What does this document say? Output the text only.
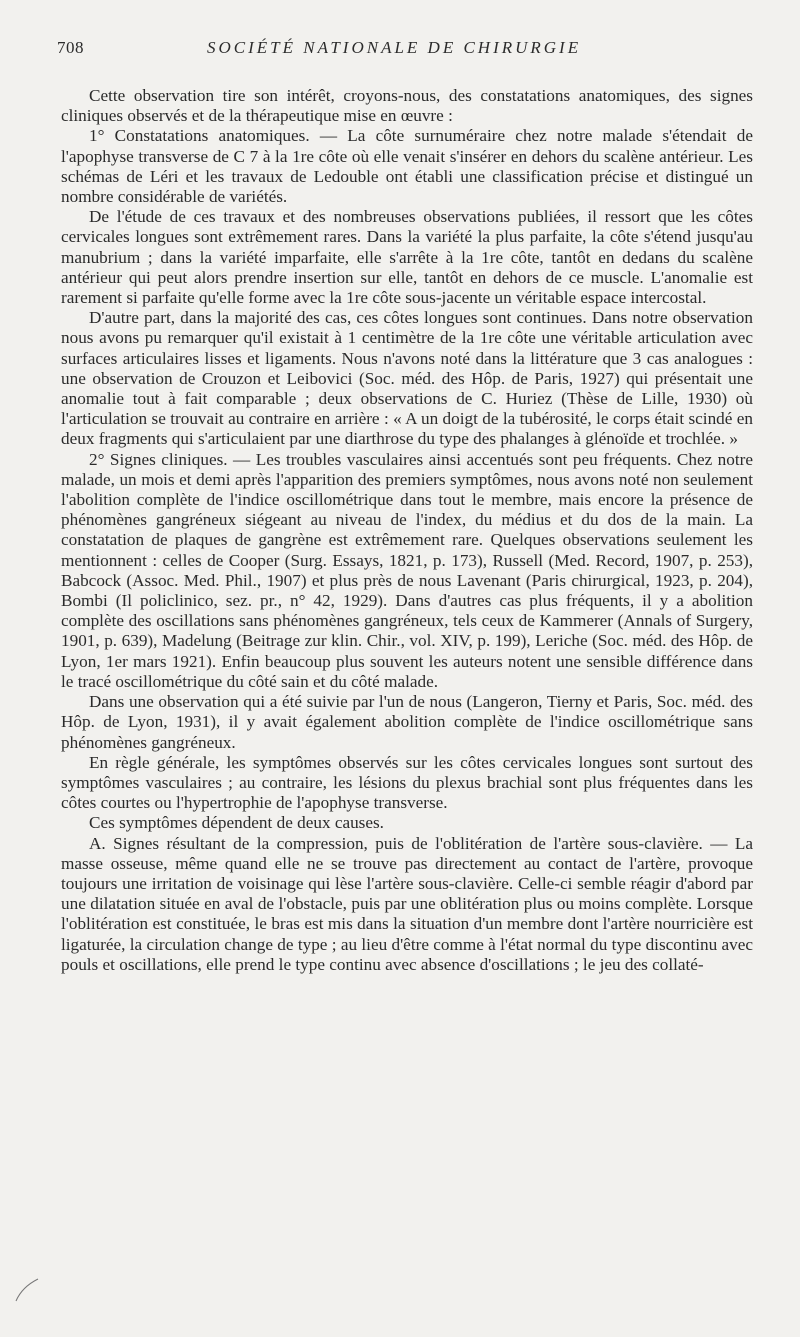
708	SOCIÉTÉ NATIONALE DE CHIRURGIE

Cette observation tire son intérêt, croyons-nous, des constatations anatomiques, des signes cliniques observés et de la thérapeutique mise en œuvre :

1° Constatations anatomiques. — La côte surnuméraire chez notre malade s'étendait de l'apophyse transverse de C 7 à la 1re côte où elle venait s'insérer en dehors du scalène antérieur. Les schémas de Léri et les travaux de Ledouble ont établi une classification précise et distingué un nombre considérable de variétés.

De l'étude de ces travaux et des nombreuses observations publiées, il ressort que les côtes cervicales longues sont extrêmement rares. Dans la variété la plus parfaite, la côte s'étend jusqu'au manubrium ; dans la variété imparfaite, elle s'arrête à la 1re côte, tantôt en dedans du scalène antérieur qui peut alors prendre insertion sur elle, tantôt en dehors de ce muscle. L'anomalie est rarement si parfaite qu'elle forme avec la 1re côte sous-jacente un véritable espace intercostal.

D'autre part, dans la majorité des cas, ces côtes longues sont continues. Dans notre observation nous avons pu remarquer qu'il existait à 1 centimètre de la 1re côte une véritable articulation avec surfaces articulaires lisses et ligaments. Nous n'avons noté dans la littérature que 3 cas analogues : une observation de Crouzon et Leibovici (Soc. méd. des Hôp. de Paris, 1927) qui présentait une anomalie tout à fait comparable ; deux observations de C. Huriez (Thèse de Lille, 1930) où l'articulation se trouvait au contraire en arrière : « A un doigt de la tubérosité, le corps était scindé en deux fragments qui s'articulaient par une diarthrose du type des phalanges à glénoïde et trochlée. »

2° Signes cliniques. — Les troubles vasculaires ainsi accentués sont peu fréquents. Chez notre malade, un mois et demi après l'apparition des premiers symptômes, nous avons noté non seulement l'abolition complète de l'indice oscillométrique dans tout le membre, mais encore la présence de phénomènes gangréneux siégeant au niveau de l'index, du médius et du dos de la main. La constatation de plaques de gangrène est extrêmement rare. Quelques observations seulement les mentionnent : celles de Cooper (Surg. Essays, 1821, p. 173), Russell (Med. Record, 1907, p. 253), Babcock (Assoc. Med. Phil., 1907) et plus près de nous Lavenant (Paris chirurgical, 1923, p. 204), Bombi (Il policlinico, sez. pr., n° 42, 1929). Dans d'autres cas plus fréquents, il y a abolition complète des oscillations sans phénomènes gangréneux, tels ceux de Kammerer (Annals of Surgery, 1901, p. 639), Madelung (Beitrage zur klin. Chir., vol. XIV, p. 199), Leriche (Soc. méd. des Hôp. de Lyon, 1er mars 1921). Enfin beaucoup plus souvent les auteurs notent une sensible différence dans le tracé oscillométrique du côté sain et du côté malade.

Dans une observation qui a été suivie par l'un de nous (Langeron, Tierny et Paris, Soc. méd. des Hôp. de Lyon, 1931), il y avait également abolition complète de l'indice oscillométrique sans phénomènes gangréneux.

En règle générale, les symptômes observés sur les côtes cervicales longues sont surtout des symptômes vasculaires ; au contraire, les lésions du plexus brachial sont plus fréquentes dans les côtes courtes ou l'hypertrophie de l'apophyse transverse.

Ces symptômes dépendent de deux causes.

A. Signes résultant de la compression, puis de l'oblitération de l'artère sous-clavière. — La masse osseuse, même quand elle ne se trouve pas directement au contact de l'artère, provoque toujours une irritation de voisinage qui lèse l'artère sous-clavière. Celle-ci semble réagir d'abord par une dilatation située en aval de l'obstacle, puis par une oblitération plus ou moins complète. Lorsque l'oblitération est constituée, le bras est mis dans la situation d'un membre dont l'artère nourricière est ligaturée, la circulation change de type ; au lieu d'être comme à l'état normal du type discontinu avec pouls et oscillations, elle prend le type continu avec absence d'oscillations ; le jeu des collaté-
